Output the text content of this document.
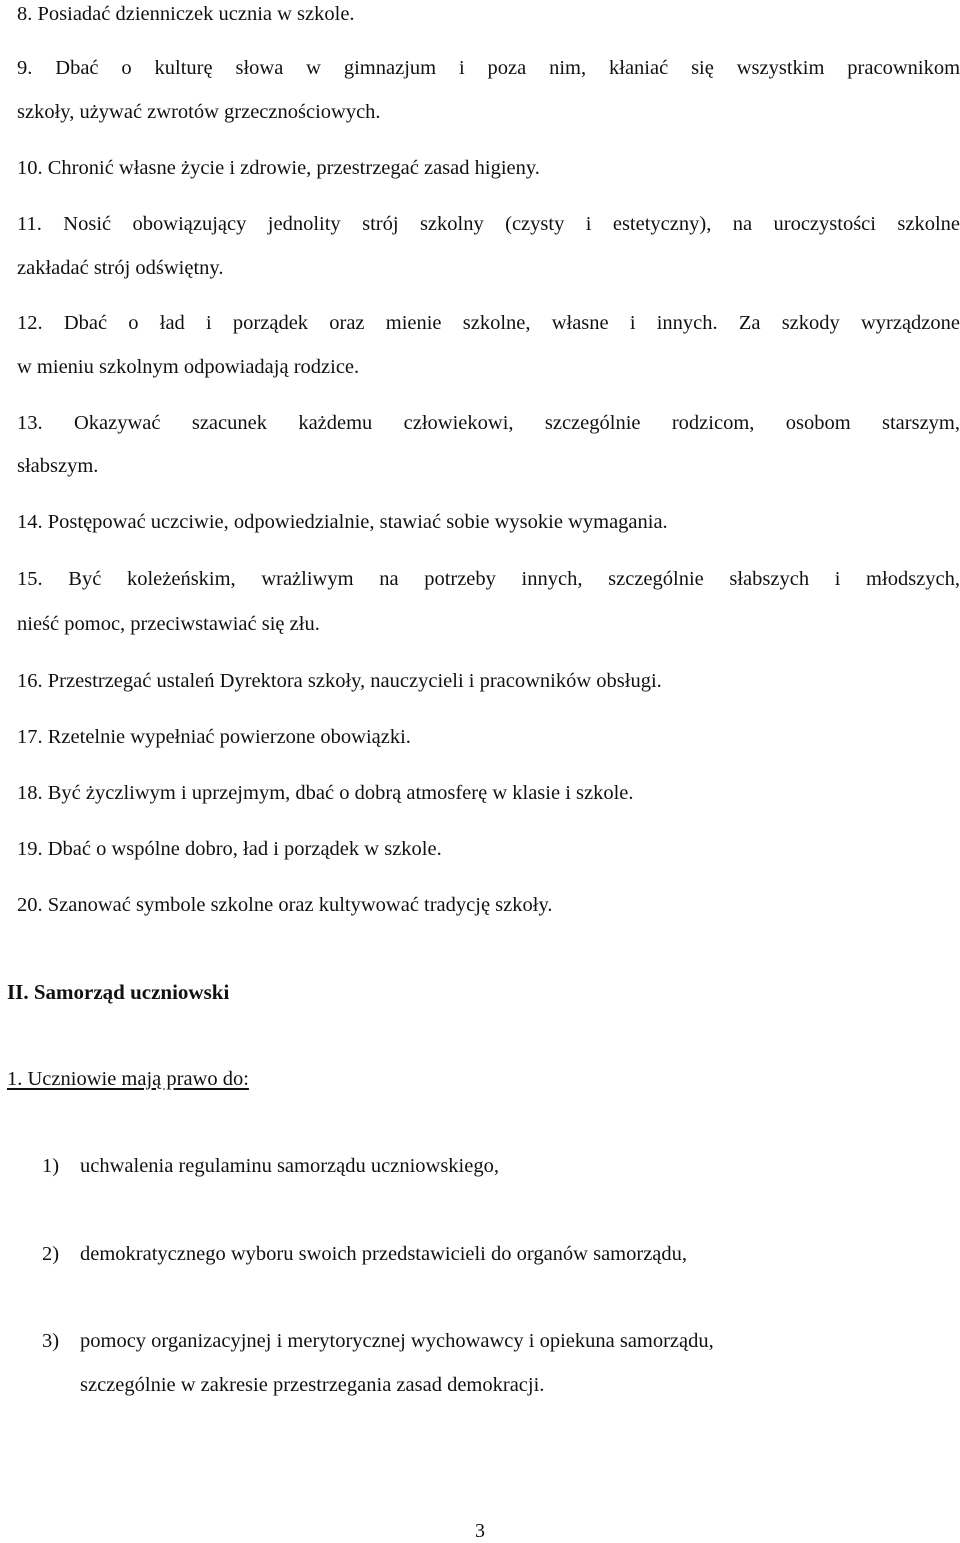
8. Posiadać dzienniczek ucznia w szkole.
9. Dbać o kulturę słowa w gimnazjum i poza nim, kłaniać się wszystkim pracownikom
szkoły, używać zwrotów grzecznościowych.
10. Chronić własne życie i zdrowie, przestrzegać zasad higieny.
11. Nosić obowiązujący jednolity strój szkolny (czysty i estetyczny), na uroczystości szkolne
zakładać strój odświętny.
12. Dbać o ład i porządek oraz mienie szkolne, własne i innych. Za szkody wyrządzone
w mieniu szkolnym odpowiadają rodzice.
13. Okazywać szacunek każdemu człowiekowi, szczególnie rodzicom, osobom starszym,
słabszym.
14. Postępować uczciwie, odpowiedzialnie, stawiać sobie wysokie wymagania.
15. Być koleżeńskim, wrażliwym na potrzeby innych, szczególnie słabszych i młodszych,
nieść pomoc, przeciwstawiać się złu.
16. Przestrzegać ustaleń Dyrektora szkoły, nauczycieli i pracowników obsługi.
17. Rzetelnie wypełniać powierzone obowiązki.
18. Być życzliwym i uprzejmym, dbać o dobrą atmosferę w klasie i szkole.
19. Dbać o wspólne dobro, ład i porządek w szkole.
20. Szanować symbole szkolne oraz kultywować tradycję szkoły.
II. Samorząd uczniowski
1. Uczniowie mają prawo do:
1) uchwalenia regulaminu samorządu uczniowskiego,
2) demokratycznego wyboru swoich przedstawicieli do organów samorządu,
3) pomocy organizacyjnej i merytorycznej wychowawcy i opiekuna samorządu,
szczególnie w zakresie przestrzegania zasad demokracji.
3
